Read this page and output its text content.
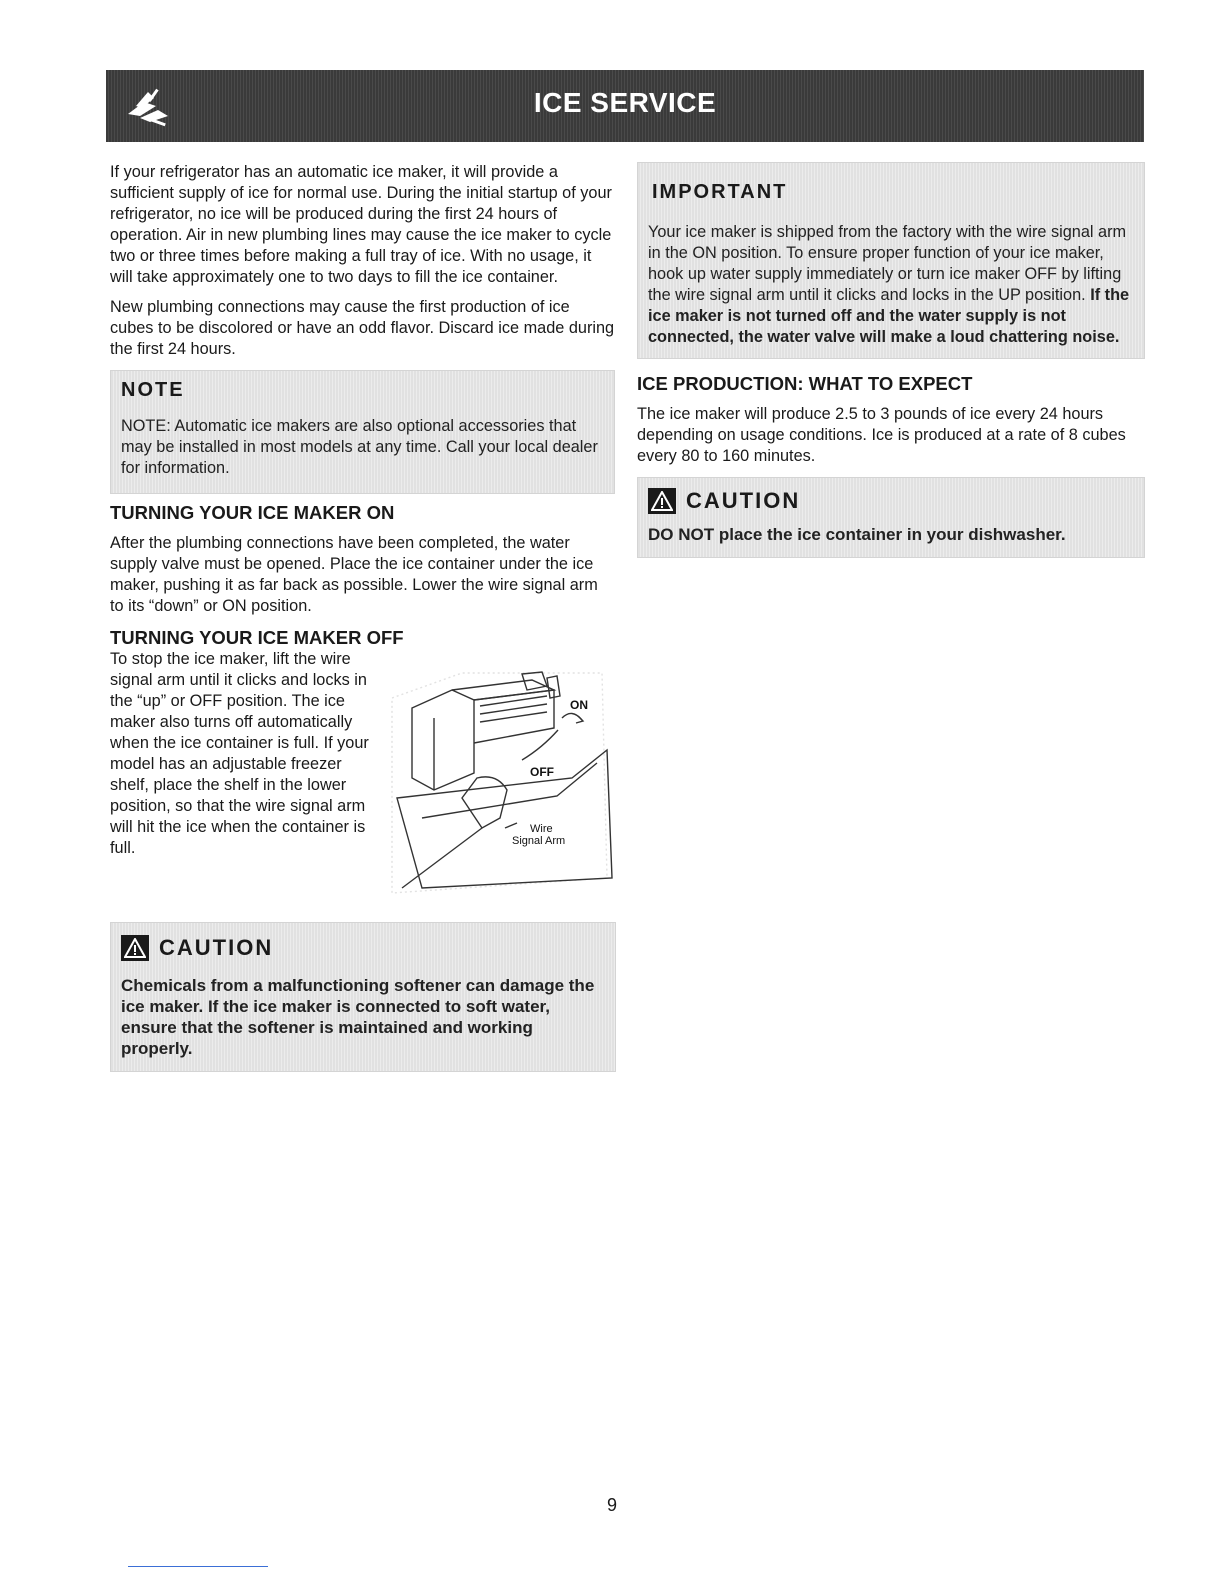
ICE SERVICE

If your refrigerator has an automatic ice maker, it will provide a sufficient supply of ice for normal use. During the initial startup of your refrigerator, no ice will be produced during the first 24 hours of operation. Air in new plumbing lines may cause the ice maker to cycle two or three times before making a full tray of ice. With no usage, it will take approximately one to two days to fill the ice container.

New plumbing connections may cause the first production of ice cubes to be discolored or have an odd flavor. Discard ice made during the first 24 hours.

NOTE
NOTE: Automatic ice makers are also optional accessories that may be installed in most models at any time. Call your local dealer for information.
TURNING YOUR ICE MAKER ON

After the plumbing connections have been completed, the water supply valve must be opened. Place the ice container under the ice maker, pushing it as far back as possible. Lower the wire signal arm to its “down” or ON position.

TURNING YOUR ICE MAKER OFF

To stop the ice maker, lift the wire signal arm until it clicks and locks in the “up” or OFF position. The ice maker also turns off automatically when the ice container is full. If your model has an adjustable freezer shelf, place the shelf in the lower position, so that the wire signal arm will hit the ice when the container is full.

ON
OFF
Wire
Signal Arm
CAUTION
Chemicals from a malfunctioning softener can damage the ice maker. If the ice maker is connected to soft water, ensure that the softener is maintained and working properly.
IMPORTANT
Your ice maker is shipped from the factory with the wire signal arm in the ON position. To ensure proper function of your ice maker, hook up water supply immediately or turn ice maker OFF by lifting the wire signal arm until it clicks and locks in the UP position. If the ice maker is not turned off and the water supply is not connected, the water valve will make a loud chattering noise.
ICE PRODUCTION: WHAT TO EXPECT

The ice maker will produce 2.5 to 3 pounds of ice every 24 hours depending on usage conditions. Ice is produced at a rate of 8 cubes every 80 to 160 minutes.

CAUTION
DO NOT place the ice container in your dishwasher.
9
